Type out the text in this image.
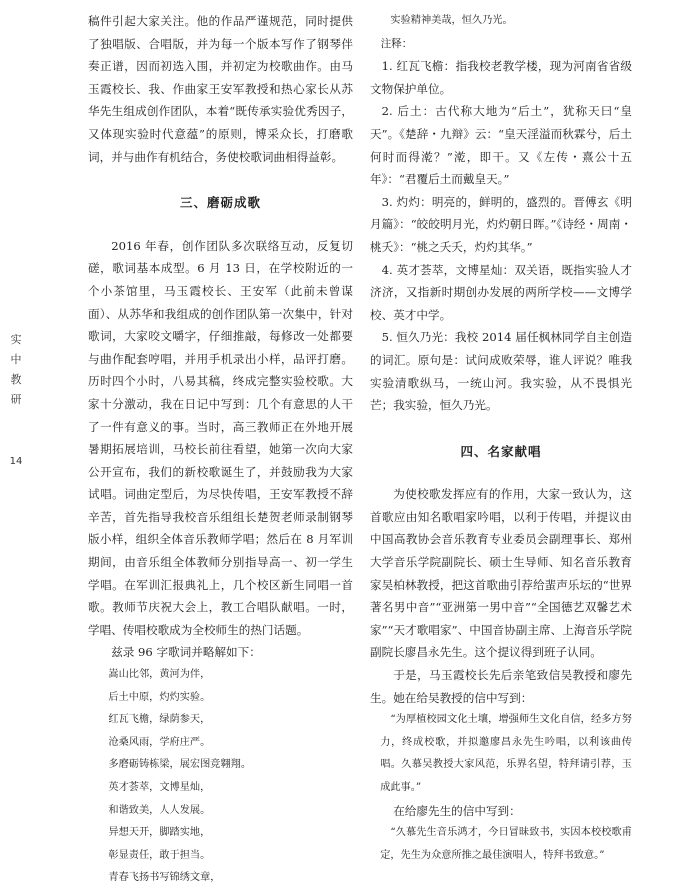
实
中
教
研
14

稿件引起大家关注。他的作品严谨规范，同时提供了独唱版、合唱版，并为每一个版本写作了钢琴伴奏正谱，因而初选入围，并初定为校歌曲作。由马玉霞校长、我、作曲家王安军教授和热心家长从苏华先生组成创作团队，本着“既传承实验优秀因子，又体现实验时代意蕴”的原则，博采众长，打磨歌词，并与曲作有机结合，务使校歌词曲相得益彰。

三、磨砺成歌

2016 年春，创作团队多次联络互动，反复切磋，歌词基本成型。6 月 13 日，在学校附近的一个小茶馆里，马玉霞校长、王安军（此前未曾谋面）、从苏华和我组成的创作团队第一次集中，针对歌词，大家咬文嚼字，仔细推敲，每修改一处都要与曲作配套哼唱，并用手机录出小样，品评打磨。历时四个小时，八易其稿，终成完整实验校歌。大家十分激动，我在日记中写到：几个有意思的人干了一件有意义的事。当时，高三教师正在外地开展暑期拓展培训，马校长前往看望，她第一次向大家公开宣布，我们的新校歌诞生了，并鼓励我为大家试唱。词曲定型后，为尽快传唱，王安军教授不辞辛苦，首先指导我校音乐组组长楚贺老师录制钢琴版小样，组织全体音乐教师学唱；然后在 8 月军训期间，由音乐组全体教师分别指导高一、初一学生学唱。在军训汇报典礼上，几个校区新生同唱一首歌。教师节庆祝大会上，教工合唱队献唱。一时，学唱、传唱校歌成为全校师生的热门话题。

兹录 96 字歌词并略解如下：

嵩山比邻，黄河为伴，
后土中原，灼灼实验。
红瓦飞檐，绿荫参天，
沧桑风雨，学府庄严。
多磨砺铸栋梁，展宏图竞翱翔。
英才荟萃，文博星灿，
和谐致美，人人发展。
异想天开，脚踏实地，
彰显责任，敢于担当。
青春飞扬书写锦绣文章，
实验精神美哉，恒久乃光。
注释：

1. 红瓦飞檐：指我校老教学楼，现为河南省省级文物保护单位。

2. 后土：古代称大地为“后土”，犹称天曰“皇天”。《楚辞・九辩》云：“皇天淫溢而秋霖兮，后土何时而得漧？”漧，即干。又《左传・熹公十五年》：“君覆后土而戴皇天。”

3. 灼灼：明亮的，鲜明的，盛烈的。晋傅玄《明月篇》：“皎皎明月光，灼灼朝日晖。”《诗经・周南・桃夭》：“桃之夭夭，灼灼其华。”

4. 英才荟萃，文博星灿：双关语，既指实验人才济济，又指新时期创办发展的两所学校——文博学校、英才中学。

5. 恒久乃光：我校 2014 届任枫林同学自主创造的词汇。原句是：试问成败荣辱，谁人评说？唯我实验清歌纵马，一统山河。我实验，从不畏惧光芒；我实验，恒久乃光。

四、名家献唱

为使校歌发挥应有的作用，大家一致认为，这首歌应由知名歌唱家吟唱，以利于传唱，并提议由中国高教协会音乐教育专业委员会副理事长、郑州大学音乐学院副院长、硕士生导师、知名音乐教育家吴柏林教授，把这首歌曲引荐给蜚声乐坛的“世界著名男中音”“亚洲第一男中音”“全国德艺双馨艺术家”“天才歌唱家”、中国音协副主席、上海音乐学院副院长廖昌永先生。这个提议得到班子认同。

于是，马玉霞校长先后亲笔致信吴教授和廖先生。她在给吴教授的信中写到：

“为厚植校园文化土壤，增强师生文化自信，经多方努力，终成校歌，并拟邀廖昌永先生吟唱，以利该曲传唱。久慕吴教授大家风范，乐界名望，特拜请引荐，玉成此事。”

在给廖先生的信中写到：

“久慕先生音乐鸿才，今日冒昧致书，实因本校校歌甫定，先生为众意所推之最佳演唱人，特拜书致意。”
